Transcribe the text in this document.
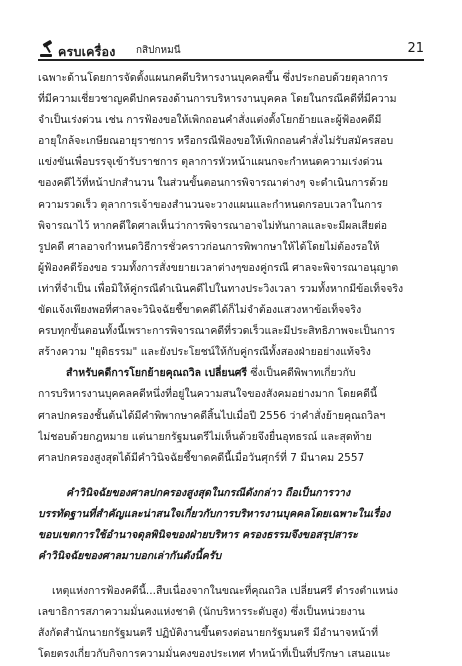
ครบเครื่อง กสิปกหมนี	21
เฉพาะด้านโดยการจัดตั้งแผนกคดีบริหารงานบุคคลขึ้น ซึ่งประกอบด้วยตุลาการ
ที่มีความเชี่ยวชาญคดีปกครองด้านการบริหารงานบุคคล โดยในกรณีคดีที่มีความ
จำเป็นเร่งด่วน เช่น การฟ้องขอให้เพิกถอนคำสั่งแต่งตั้งโยกย้ายและผู้ฟ้องคดีมี
อายุใกล้จะเกษียณอายุราชการ หรือกรณีฟ้องขอให้เพิกถอนคำสั่งไม่รับสมัครสอบ
แข่งขันเพื่อบรรจุเข้ารับราชการ ตุลาการหัวหน้าแผนกจะกำหนดความเร่งด่วน
ของคดีไว้ที่หน้าปกสำนวน ในส่วนขั้นตอนการพิจารณาต่างๆ จะดำเนินการด้วย
ความรวดเร็ว ตุลาการเจ้าของสำนวนจะวางแผนและกำหนดกรอบเวลาในการ
พิจารณาไว้ หากคดีใดศาลเห็นว่าการพิจารณาอาจไม่ทันกาลและจะมีผลเสียต่อ
รูปคดี ศาลอาจกำหนดวิธีการชั่วคราวก่อนการพิพากษาให้ได้โดยไม่ต้องรอให้
ผู้ฟ้องคดีร้องขอ รวมทั้งการสั่งขยายเวลาต่างๆของคู่กรณี ศาลจะพิจารณาอนุญาต
เท่าที่จำเป็น เพื่อมิให้คู่กรณีดำเนินคดีไปในทางประวิงเวลา รวมทั้งหากมีข้อเท็จจริง
ขัดแจ้งเพียงพอที่ศาลจะวินิจฉัยชี้ขาดคดีได้ก็ไม่จำต้องแสวงหาข้อเท็จจริง
ครบทุกขั้นตอนทั้งนี้เพราะการพิจารณาคดีที่รวดเร็วและมีประสิทธิภาพจะเป็นการ
สร้างความ "ยุติธรรม" และยังประโยชน์ให้กับคู่กรณีทั้งสองฝ่ายอย่างแท้จริง
สำหรับคดีการโยกย้ายคุณถวิล เปลี่ยนศรี ซึ่งเป็นคดีพิพาทเกี่ยวกับ
การบริหารงานบุคคลคดีหนึ่งที่อยู่ในความสนใจของสังคมอย่างมาก โดยคดีนี้
ศาลปกครองชั้นต้นได้มีคำพิพากษาคดีสิ้นไปเมื่อปี 2556 ว่าคำสั่งย้ายคุณถวิลฯ
ไม่ชอบด้วยกฎหมาย แต่นายกรัฐมนตรีไม่เห็นด้วยจึงยื่นอุทธรณ์ และสุดท้าย
ศาลปกครองสูงสุดได้มีคำวินิจฉัยชี้ขาดคดีนี้เมื่อวันศุกร์ที่ 7 มีนาคม 2557
คำวินิจฉัยของศาลปกครองสูงสุดในกรณีดังกล่าว ถือเป็นการวาง
บรรทัดฐานที่สำคัญและน่าสนใจเกี่ยวกับการบริหารงานบุคคลโดยเฉพาะในเรื่อง
ขอบเขตการใช้อำนาจดุลพินิจของฝ่ายบริหาร ครองธรรมจึงขอสรุปสาระ
คำวินิจฉัยของศาลมาบอกเล่ากันดังนี้ครับ
เหตุแห่งการฟ้องคดีนี้...สืบเนื่องจากในขณะที่คุณถวิล เปลี่ยนศรี ดำรงตำแหน่ง
เลขาธิการสภาความมั่นคงแห่งชาติ (นักบริหารระดับสูง) ซึ่งเป็นหน่วยงาน
สังกัดสำนักนายกรัฐมนตรี ปฏิบัติงานขึ้นตรงต่อนายกรัฐมนตรี มีอำนาจหน้าที่
โดยตรงเกี่ยวกับกิจการความมั่นคงของประเทศ ทำหน้าที่เป็นที่ปรึกษา เสนอแนะ
